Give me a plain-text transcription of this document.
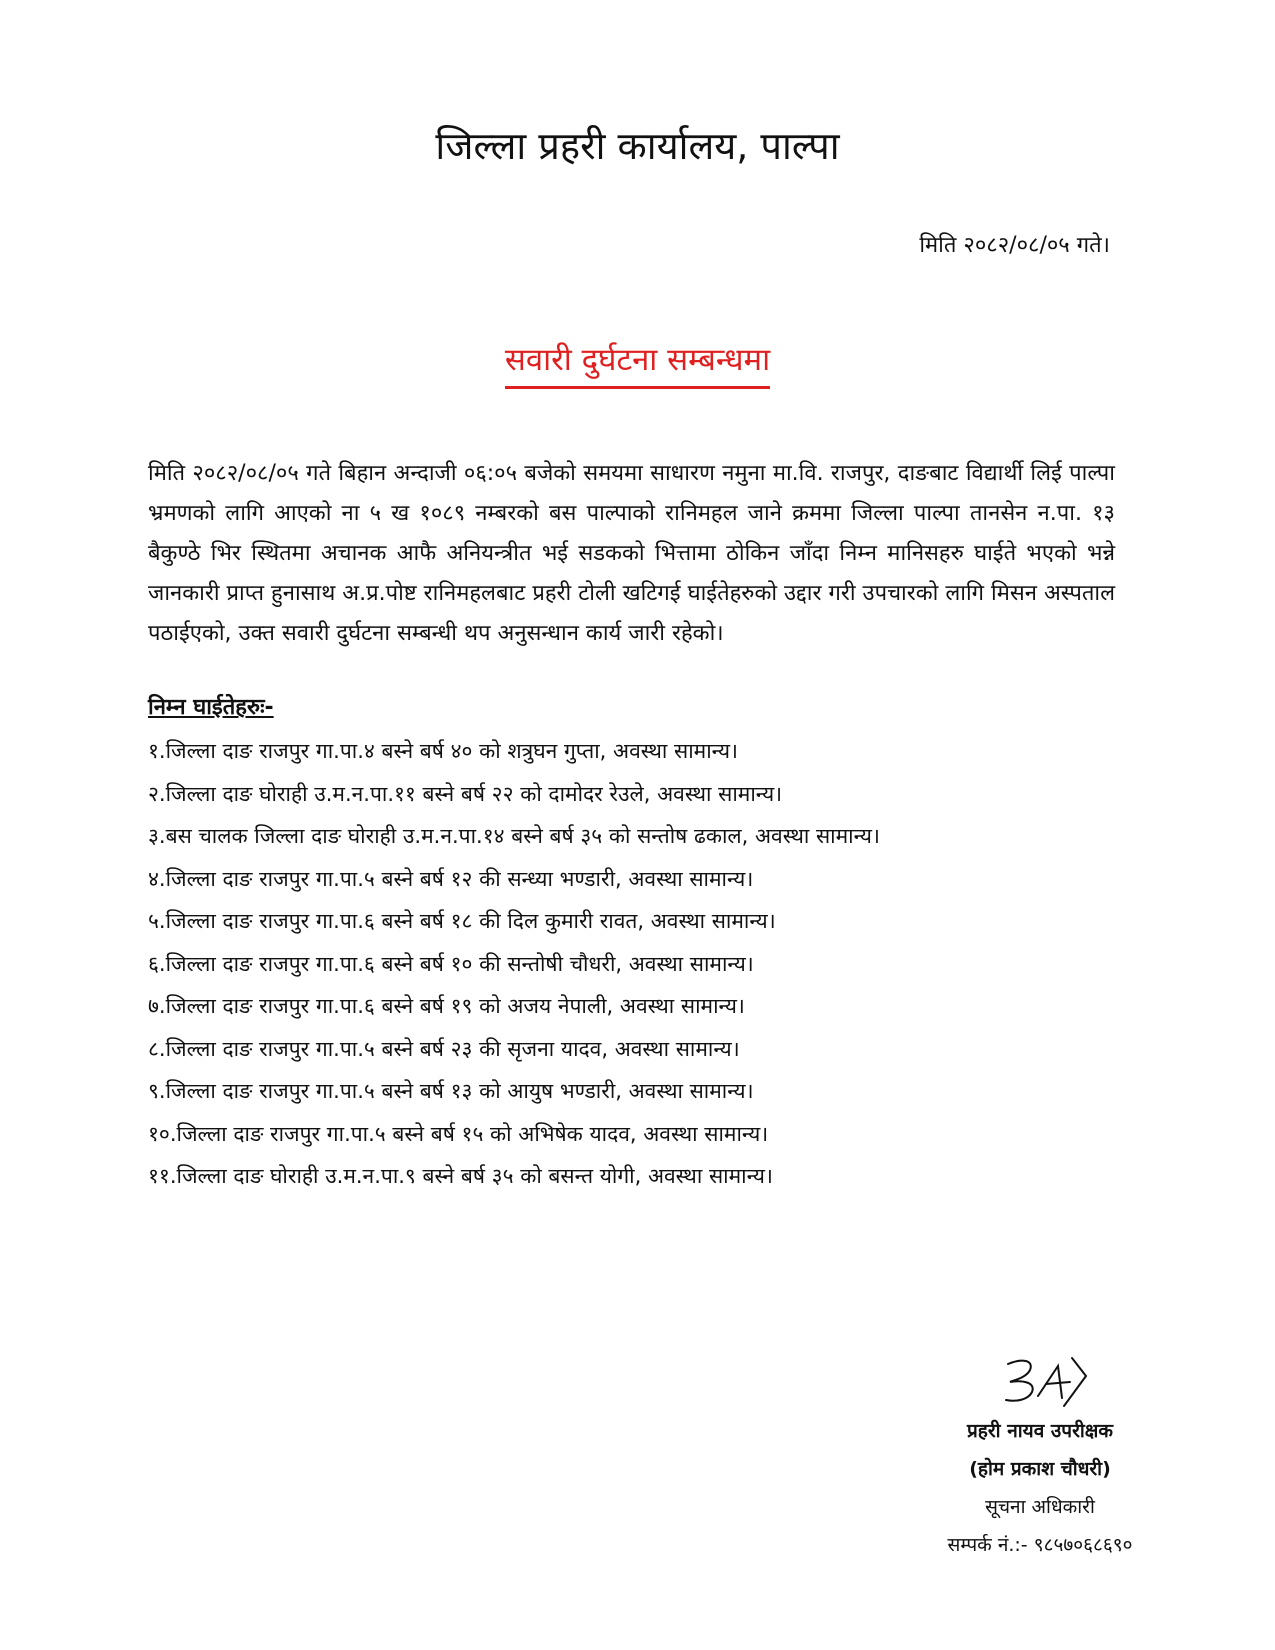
जिल्ला प्रहरी कार्यालय, पाल्पा
मिति २०८२/०८/०५ गते।
सवारी दुर्घटना सम्बन्धमा

मिति २०८२/०८/०५ गते बिहान अन्दाजी ०६:०५ बजेको समयमा साधारण नमुना मा.वि. राजपुर, दाङबाट विद्यार्थी लिई पाल्पा भ्रमणको लागि आएको ना ५ ख १०८९ नम्बरको बस पाल्पाको रानिमहल जाने क्रममा जिल्ला पाल्पा तानसेन न.पा. १३ बैकुण्ठे भिर स्थितमा अचानक आफै अनियन्त्रीत भई सडकको भित्तामा ठोकिन जाँदा निम्न मानिसहरु घाईते भएको भन्ने जानकारी प्राप्त हुनासाथ अ.प्र.पोष्ट रानिमहलबाट प्रहरी टोली खटिगई घाईतेहरुको उद्दार गरी उपचारको लागि मिसन अस्पताल पठाईएको, उक्त सवारी दुर्घटना सम्बन्धी थप अनुसन्धान कार्य जारी रहेको।

निम्न घाईतेहरुः-
१.जिल्ला दाङ राजपुर गा.पा.४ बस्ने बर्ष ४० को शत्रुघन गुप्ता, अवस्था सामान्य।
२.जिल्ला दाङ घोराही उ.म.न.पा.११ बस्ने बर्ष २२ को दामोदर रेउले, अवस्था सामान्य।
३.बस चालक जिल्ला दाङ घोराही उ.म.न.पा.१४ बस्ने बर्ष ३५ को सन्तोष ढकाल, अवस्था सामान्य।
४.जिल्ला दाङ राजपुर गा.पा.५ बस्ने बर्ष १२ की सन्ध्या भण्डारी, अवस्था सामान्य।
५.जिल्ला दाङ राजपुर गा.पा.६ बस्ने बर्ष १८ की दिल कुमारी रावत, अवस्था सामान्य।
६.जिल्ला दाङ राजपुर गा.पा.६ बस्ने बर्ष १० की सन्तोषी चौधरी, अवस्था सामान्य।
७.जिल्ला दाङ राजपुर गा.पा.६ बस्ने बर्ष १९ को अजय नेपाली, अवस्था सामान्य।
८.जिल्ला दाङ राजपुर गा.पा.५ बस्ने बर्ष २३ की सृजना यादव, अवस्था सामान्य।
९.जिल्ला दाङ राजपुर गा.पा.५ बस्ने बर्ष १३ को आयुष भण्डारी, अवस्था सामान्य।
१०.जिल्ला दाङ राजपुर गा.पा.५ बस्ने बर्ष १५ को अभिषेक यादव, अवस्था सामान्य।
११.जिल्ला दाङ घोराही उ.म.न.पा.९ बस्ने बर्ष ३५ को बसन्त योगी, अवस्था सामान्य।
प्रहरी नायव उपरीक्षक
(होम प्रकाश चौधरी)
सूचना अधिकारी
सम्पर्क नं.:- ९८५७०६८६९०
